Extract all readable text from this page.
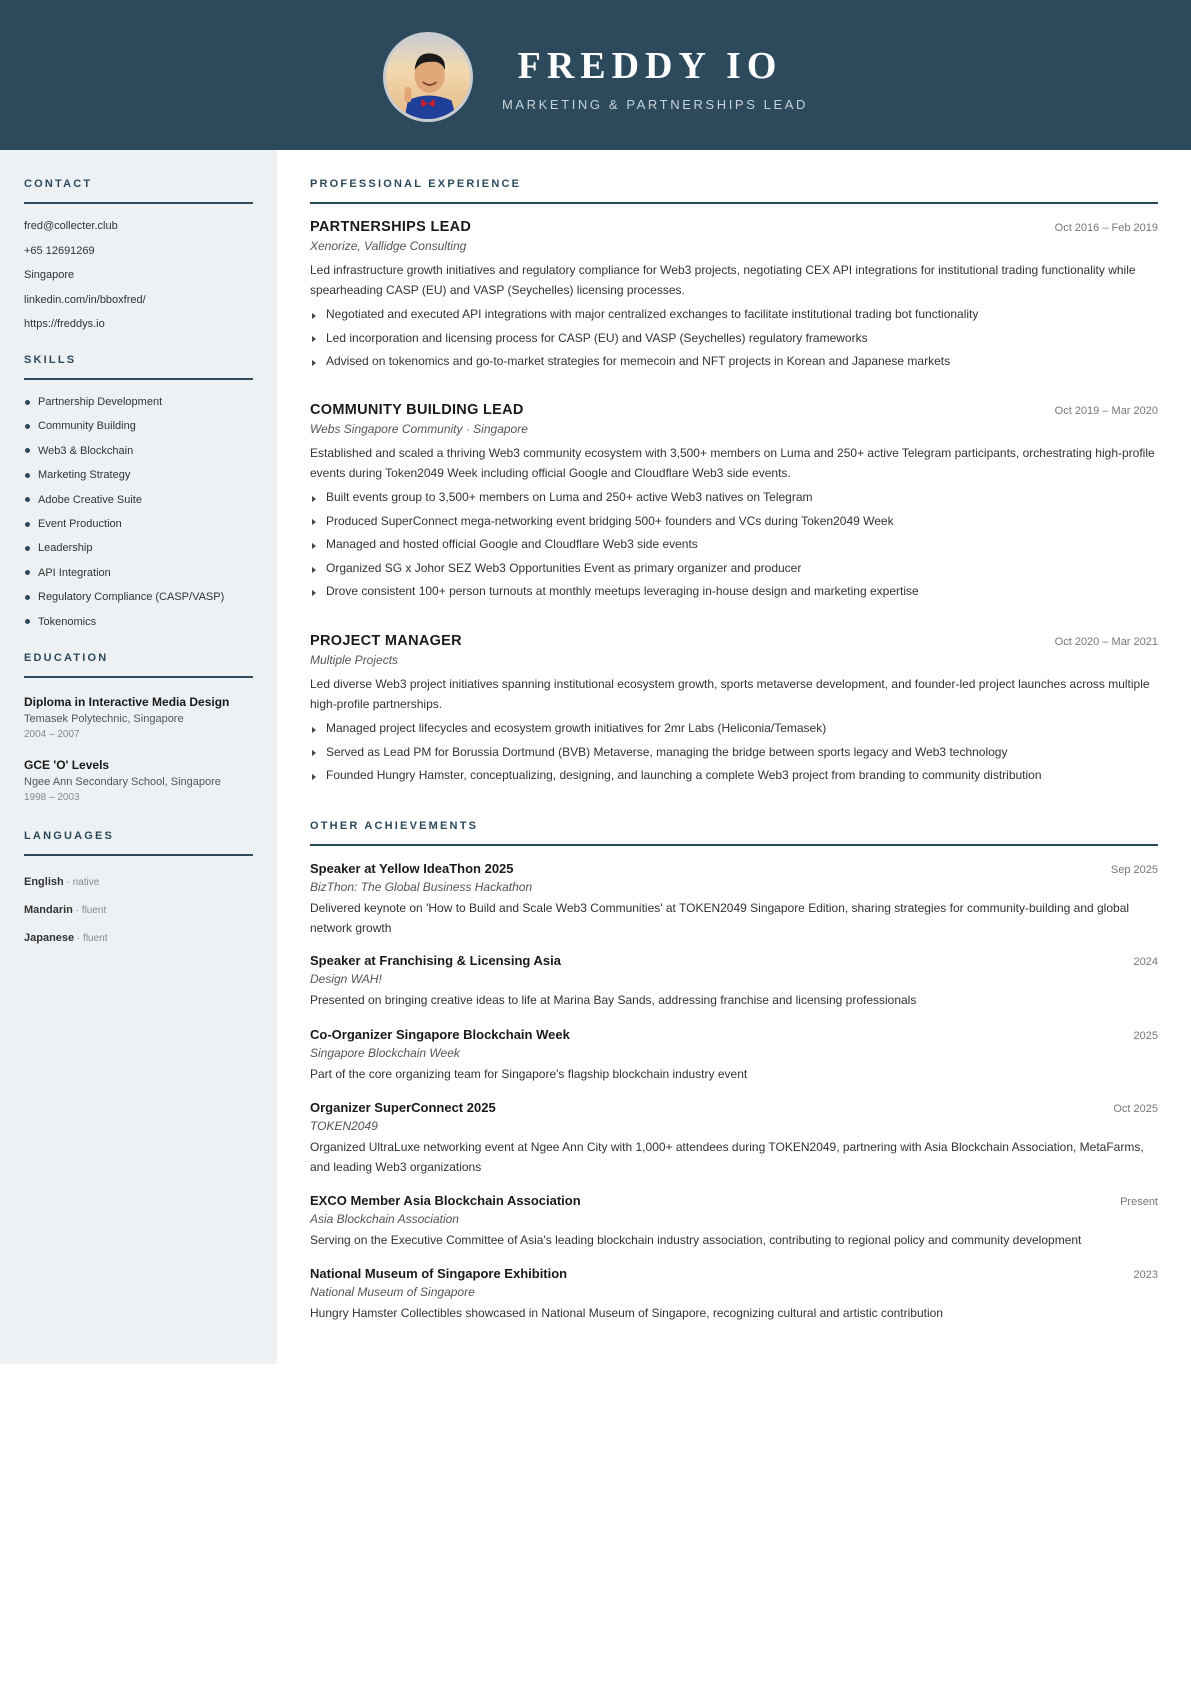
FREDDY IO
MARKETING & PARTNERSHIPS LEAD
CONTACT
fred@collecter.club
+65 12691269
Singapore
linkedin.com/in/bboxfred/
https://freddys.io
SKILLS
Partnership Development
Community Building
Web3 & Blockchain
Marketing Strategy
Adobe Creative Suite
Event Production
Leadership
API Integration
Regulatory Compliance (CASP/VASP)
Tokenomics
EDUCATION
Diploma in Interactive Media Design
Temasek Polytechnic, Singapore
2004 – 2007
GCE 'O' Levels
Ngee Ann Secondary School, Singapore
1998 – 2003
LANGUAGES
English · native
Mandarin · fluent
Japanese · fluent
PROFESSIONAL EXPERIENCE
PARTNERSHIPS LEAD	Oct 2016 – Feb 2019
Xenorize, Vallidge Consulting
Led infrastructure growth initiatives and regulatory compliance for Web3 projects, negotiating CEX API integrations for institutional trading functionality while spearheading CASP (EU) and VASP (Seychelles) licensing processes.
Negotiated and executed API integrations with major centralized exchanges to facilitate institutional trading bot functionality
Led incorporation and licensing process for CASP (EU) and VASP (Seychelles) regulatory frameworks
Advised on tokenomics and go-to-market strategies for memecoin and NFT projects in Korean and Japanese markets
COMMUNITY BUILDING LEAD	Oct 2019 – Mar 2020
Webs Singapore Community · Singapore
Established and scaled a thriving Web3 community ecosystem with 3,500+ members on Luma and 250+ active Telegram participants, orchestrating high-profile events during Token2049 Week including official Google and Cloudflare Web3 side events.
Built events group to 3,500+ members on Luma and 250+ active Web3 natives on Telegram
Produced SuperConnect mega-networking event bridging 500+ founders and VCs during Token2049 Week
Managed and hosted official Google and Cloudflare Web3 side events
Organized SG x Johor SEZ Web3 Opportunities Event as primary organizer and producer
Drove consistent 100+ person turnouts at monthly meetups leveraging in-house design and marketing expertise
PROJECT MANAGER	Oct 2020 – Mar 2021
Multiple Projects
Led diverse Web3 project initiatives spanning institutional ecosystem growth, sports metaverse development, and founder-led project launches across multiple high-profile partnerships.
Managed project lifecycles and ecosystem growth initiatives for 2mr Labs (Heliconia/Temasek)
Served as Lead PM for Borussia Dortmund (BVB) Metaverse, managing the bridge between sports legacy and Web3 technology
Founded Hungry Hamster, conceptualizing, designing, and launching a complete Web3 project from branding to community distribution
OTHER ACHIEVEMENTS
Speaker at Yellow IdeaThon 2025	Sep 2025
BizThon: The Global Business Hackathon
Delivered keynote on 'How to Build and Scale Web3 Communities' at TOKEN2049 Singapore Edition, sharing strategies for community-building and global network growth
Speaker at Franchising & Licensing Asia	2024
Design WAH!
Presented on bringing creative ideas to life at Marina Bay Sands, addressing franchise and licensing professionals
Co-Organizer Singapore Blockchain Week	2025
Singapore Blockchain Week
Part of the core organizing team for Singapore's flagship blockchain industry event
Organizer SuperConnect 2025	Oct 2025
TOKEN2049
Organized UltraLuxe networking event at Ngee Ann City with 1,000+ attendees during TOKEN2049, partnering with Asia Blockchain Association, MetaFarms, and leading Web3 organizations
EXCO Member Asia Blockchain Association	Present
Asia Blockchain Association
Serving on the Executive Committee of Asia's leading blockchain industry association, contributing to regional policy and community development
National Museum of Singapore Exhibition	2023
National Museum of Singapore
Hungry Hamster Collectibles showcased in National Museum of Singapore, recognizing cultural and artistic contribution
